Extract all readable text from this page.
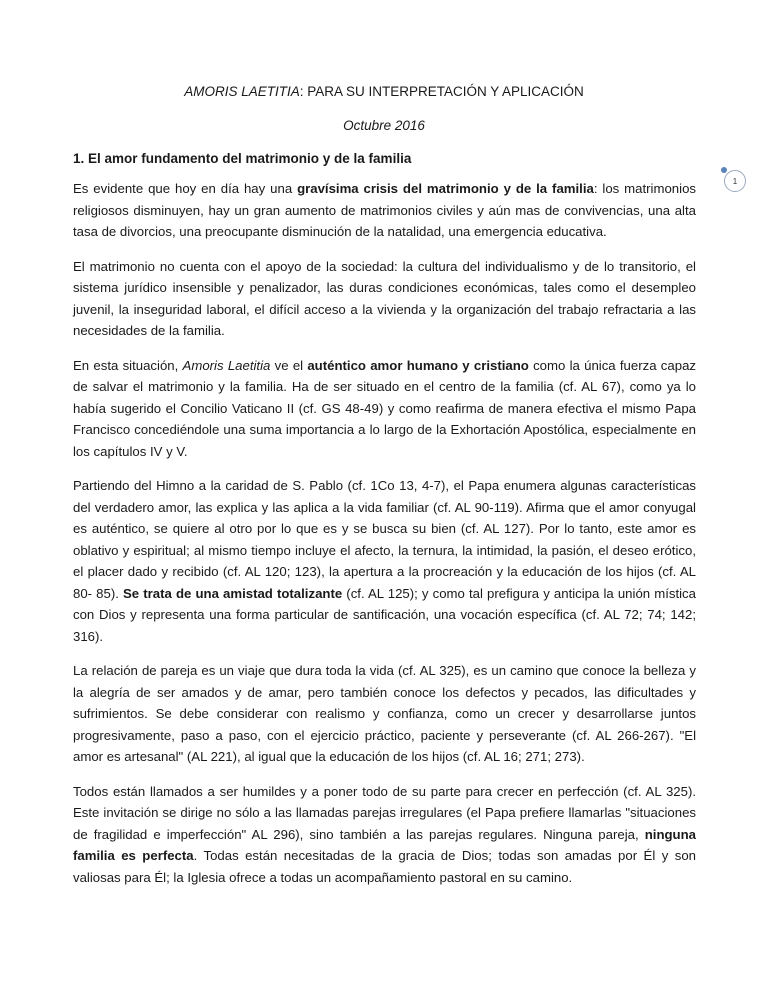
AMORIS LAETITIA: PARA SU INTERPRETACIÓN Y APLICACIÓN
Octubre 2016
1. El amor fundamento del matrimonio y de la familia
1

Es evidente que hoy en día hay una gravísima crisis del matrimonio y de la familia: los matrimonios religiosos disminuyen, hay un gran aumento de matrimonios civiles y aún mas de convivencias, una alta tasa de divorcios, una preocupante disminución de la natalidad, una emergencia educativa.

El matrimonio no cuenta con el apoyo de la sociedad: la cultura del individualismo y de lo transitorio, el sistema jurídico insensible y penalizador, las duras condiciones económicas, tales como el desempleo juvenil, la inseguridad laboral, el difícil acceso a la vivienda y la organización del trabajo refractaria a las necesidades de la familia.

En esta situación, Amoris Laetitia ve el auténtico amor humano y cristiano como la única fuerza capaz de salvar el matrimonio y la familia. Ha de ser situado en el centro de la familia (cf. AL 67), como ya lo había sugerido el Concilio Vaticano II (cf. GS 48-49) y como reafirma de manera efectiva el mismo Papa Francisco concediéndole una suma importancia a lo largo de la Exhortación Apostólica, especialmente en los capítulos IV y V.

Partiendo del Himno a la caridad de S. Pablo (cf. 1Co 13, 4-7), el Papa enumera algunas características del verdadero amor, las explica y las aplica a la vida familiar (cf. AL 90-119). Afirma que el amor conyugal es auténtico, se quiere al otro por lo que es y se busca su bien (cf. AL 127). Por lo tanto, este amor es oblativo y espiritual; al mismo tiempo incluye el afecto, la ternura, la intimidad, la pasión, el deseo erótico, el placer dado y recibido (cf. AL 120; 123), la apertura a la procreación y la educación de los hijos (cf. AL 80- 85). Se trata de una amistad totalizante (cf. AL 125); y como tal prefigura y anticipa la unión mística con Dios y representa una forma particular de santificación, una vocación específica (cf. AL 72; 74; 142; 316).

La relación de pareja es un viaje que dura toda la vida (cf. AL 325), es un camino que conoce la belleza y la alegría de ser amados y de amar, pero también conoce los defectos y pecados, las dificultades y sufrimientos. Se debe considerar con realismo y confianza, como un crecer y desarrollarse juntos progresivamente, paso a paso, con el ejercicio práctico, paciente y perseverante (cf. AL 266-267). "El amor es artesanal" (AL 221), al igual que la educación de los hijos (cf. AL 16; 271; 273).

Todos están llamados a ser humildes y a poner todo de su parte para crecer en perfección (cf. AL 325). Este invitación se dirige no sólo a las llamadas parejas irregulares (el Papa prefiere llamarlas "situaciones de fragilidad e imperfección" AL 296), sino también a las parejas regulares. Ninguna pareja, ninguna familia es perfecta. Todas están necesitadas de la gracia de Dios; todas son amadas por Él y son valiosas para Él; la Iglesia ofrece a todas un acompañamiento pastoral en su camino.
